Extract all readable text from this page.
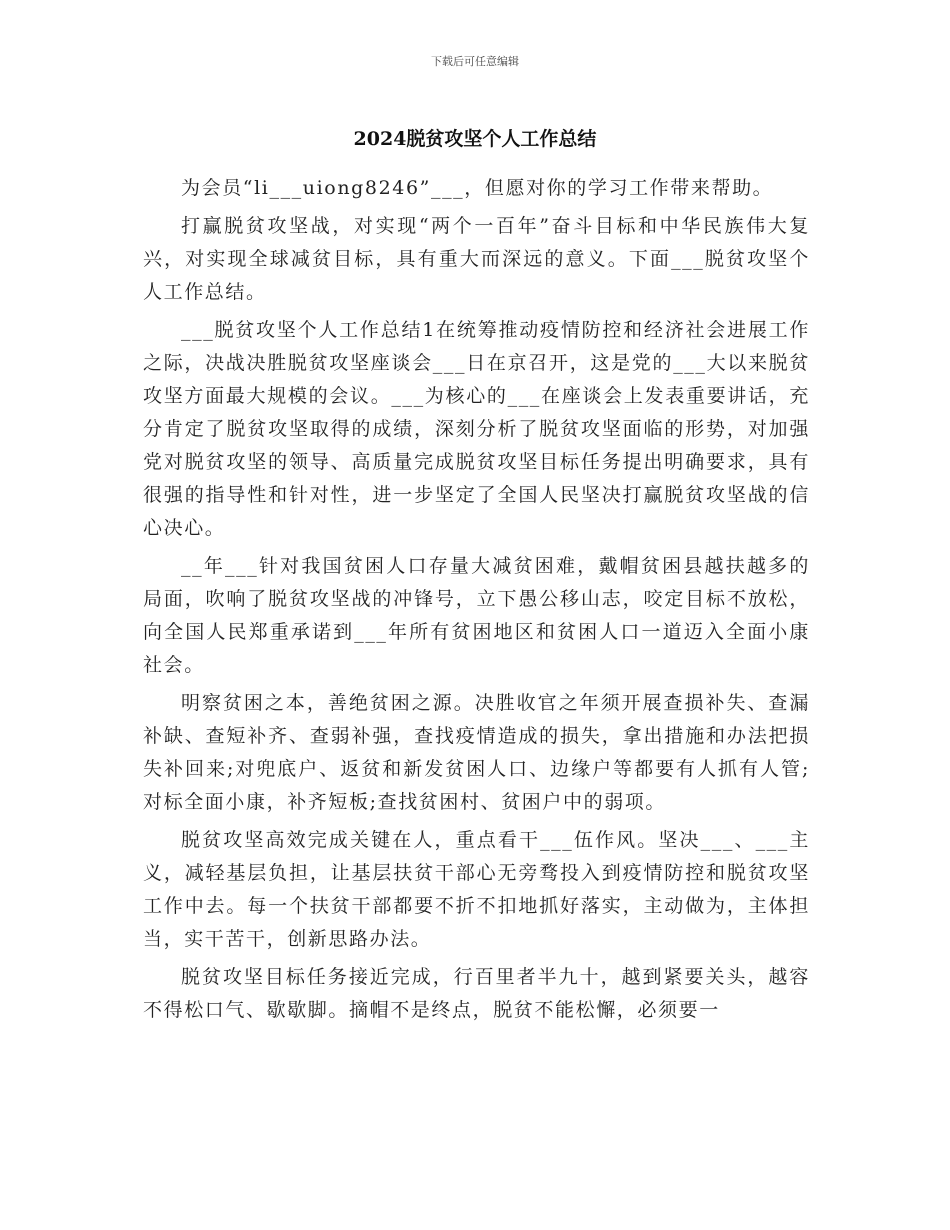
下载后可任意编辑
2024脱贫攻坚个人工作总结

为会员“li___uiong8246”___，但愿对你的学习工作带来帮助。

打赢脱贫攻坚战，对实现“两个一百年”奋斗目标和中华民族伟大复兴，对实现全球减贫目标，具有重大而深远的意义。下面___脱贫攻坚个人工作总结。

___脱贫攻坚个人工作总结1在统筹推动疫情防控和经济社会进展工作之际，决战决胜脱贫攻坚座谈会___日在京召开，这是党的___大以来脱贫攻坚方面最大规模的会议。___为核心的___在座谈会上发表重要讲话，充分肯定了脱贫攻坚取得的成绩，深刻分析了脱贫攻坚面临的形势，对加强党对脱贫攻坚的领导、高质量完成脱贫攻坚目标任务提出明确要求，具有很强的指导性和针对性，进一步坚定了全国人民坚决打赢脱贫攻坚战的信心决心。

__年___针对我国贫困人口存量大减贫困难，戴帽贫困县越扶越多的局面，吹响了脱贫攻坚战的冲锋号，立下愚公移山志，咬定目标不放松，向全国人民郑重承诺到___年所有贫困地区和贫困人口一道迈入全面小康社会。

明察贫困之本，善绝贫困之源。决胜收官之年须开展查损补失、查漏补缺、查短补齐、查弱补强，查找疫情造成的损失，拿出措施和办法把损失补回来;对兜底户、返贫和新发贫困人口、边缘户等都要有人抓有人管;对标全面小康，补齐短板;查找贫困村、贫困户中的弱项。

脱贫攻坚高效完成关键在人，重点看干___伍作风。坚决___、___主义，减轻基层负担，让基层扶贫干部心无旁骛投入到疫情防控和脱贫攻坚工作中去。每一个扶贫干部都要不折不扣地抓好落实，主动做为，主体担当，实干苦干，创新思路办法。

脱贫攻坚目标任务接近完成，行百里者半九十，越到紧要关头，越容不得松口气、歇歇脚。摘帽不是终点，脱贫不能松懈，必须要一
